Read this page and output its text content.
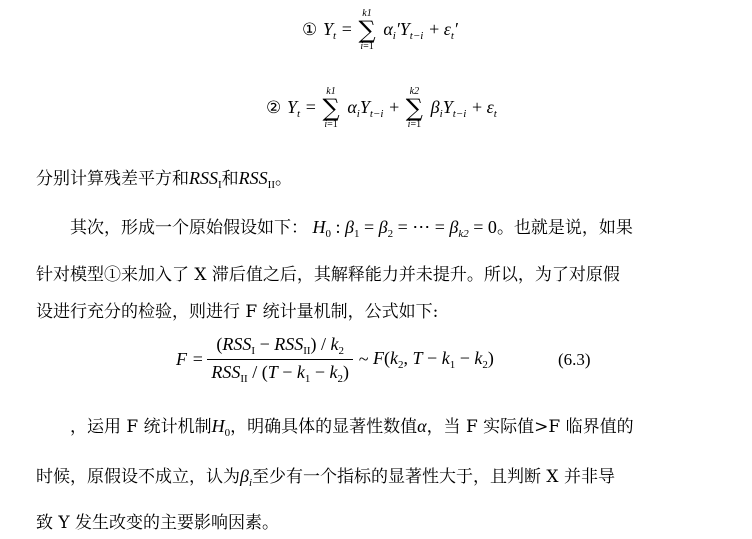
① $Y_t$ =
k1
∑
i=1
$\alpha_i'Y_{t-i} + \varepsilon_t'$
② $Y_t$ =
k1
∑
i=1
$\alpha_iY_{t-i}$ +
k2
∑
i=1
$\beta_iY_{t-i} + \varepsilon_t$
分别计算残差平方和$RSS_I$和$RSS_{II}$。
其次，形成一个原始假设如下： $H_0$ : $\beta_1 = \beta_2$ = ⋯ = $\beta_{k2} = 0$。也就是说，如果
针对模型①来加入了 X 滞后值之后，其解释能力并未提升。所以，为了对原假
设进行充分的检验，则进行 F 统计量机制，公式如下:
$F = \frac{(RSS_I - RSS_{II}) / k_2}{RSS_{II} / (T - k_1 - k_2)}$ ~ $F(k_2$, $T - k_1 - k_2$)	(6.3)
，运用 F 统计机制$H_0$，明确具体的显著性数值α，当 F 实际值>F 临界值的
时候，原假设不成立，认为$\beta_i$至少有一个指标的显著性大于，且判断 X 并非导
致 Y 发生改变的主要影响因素。
